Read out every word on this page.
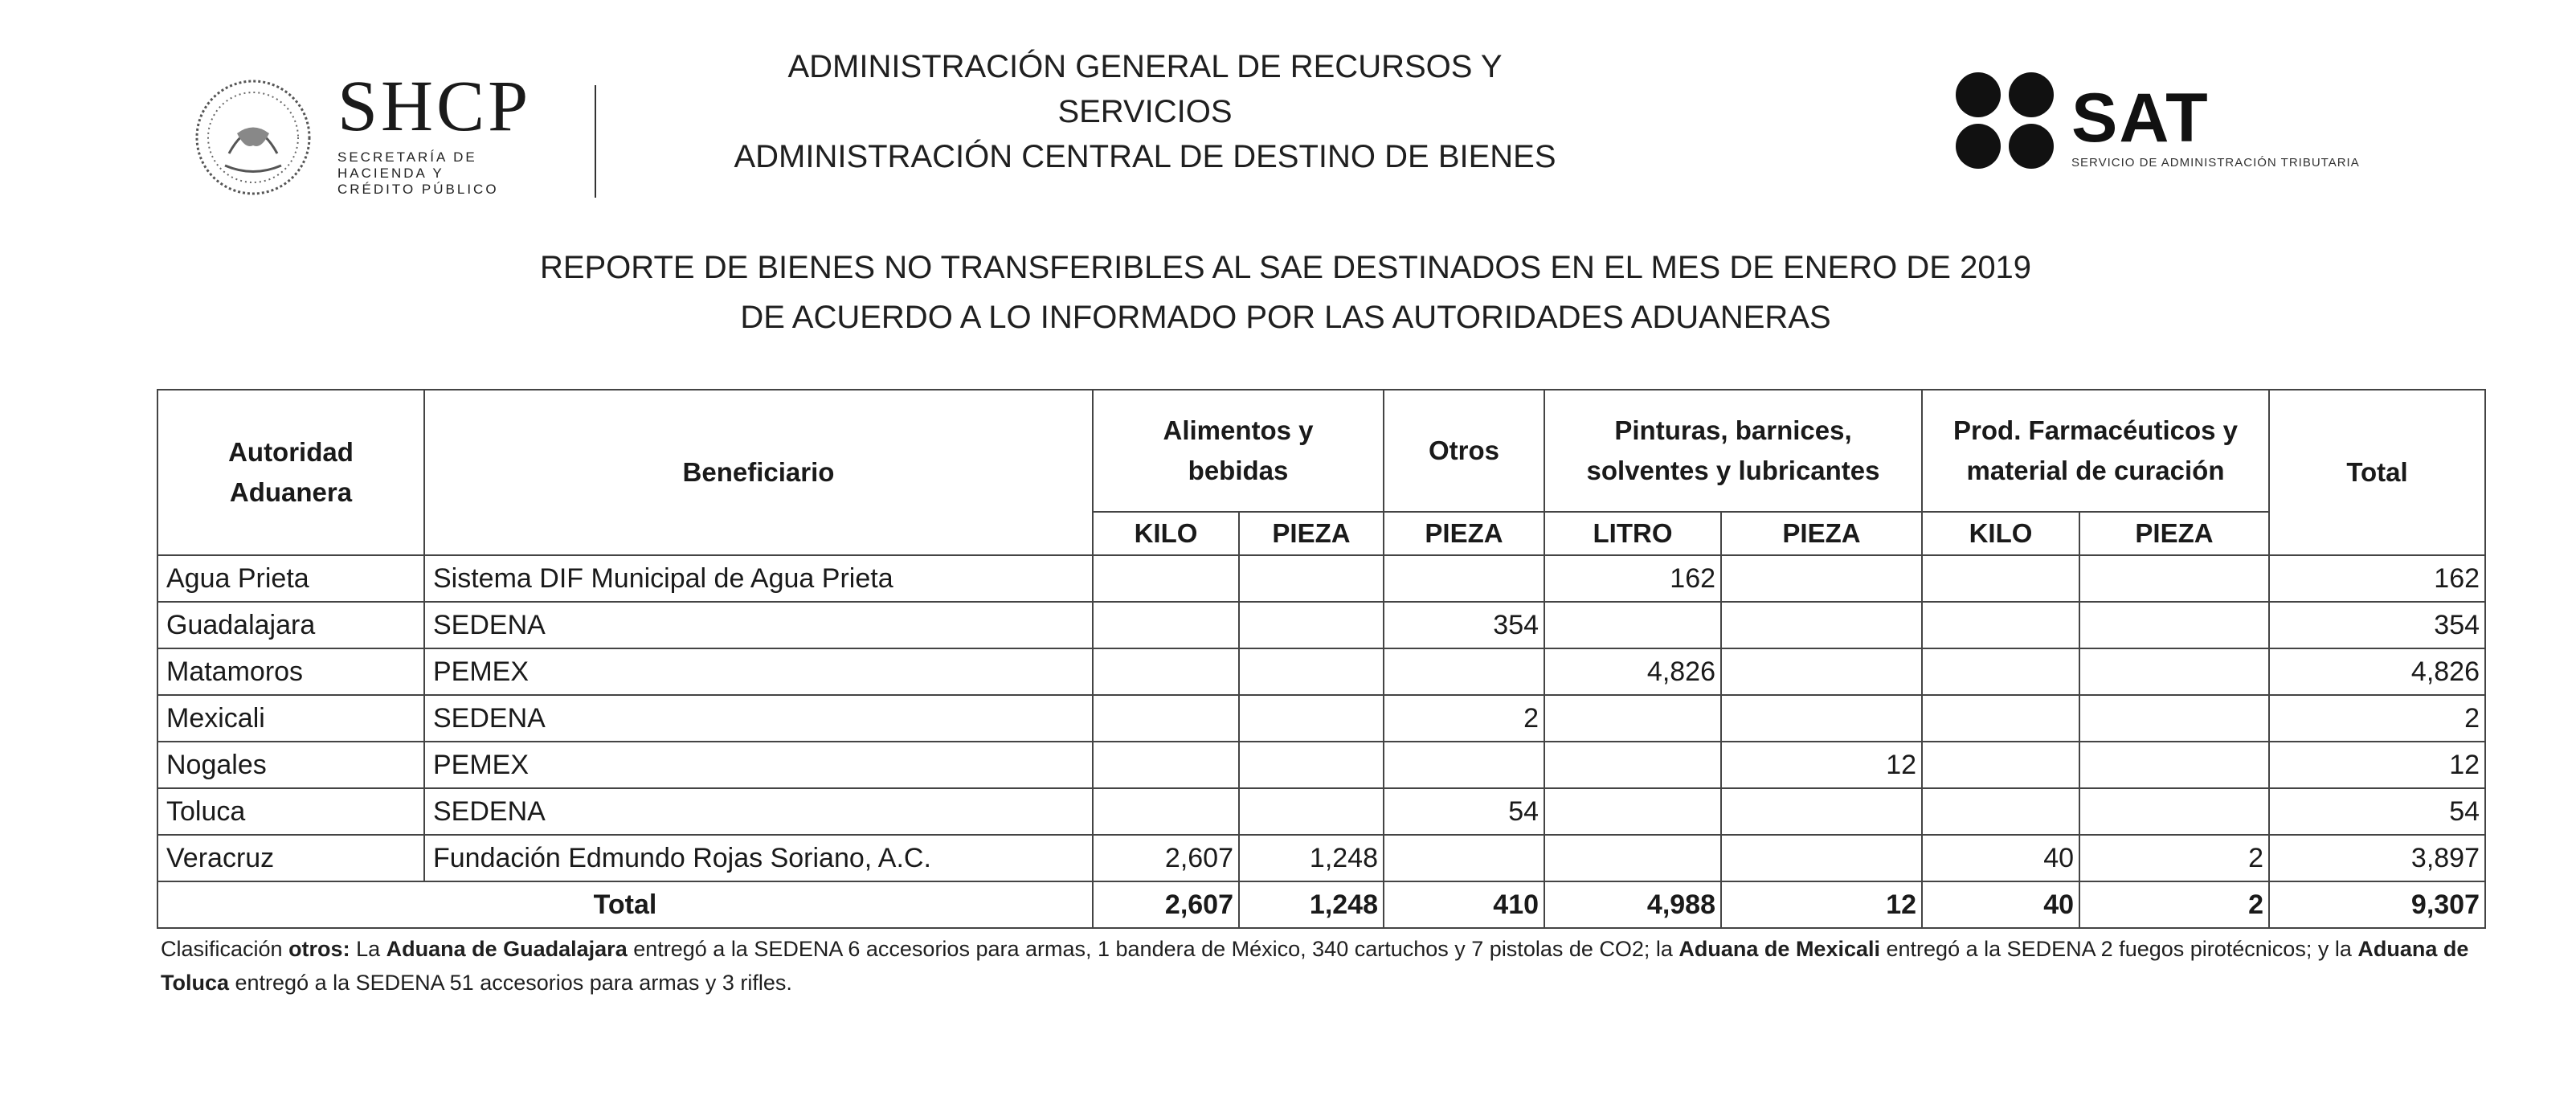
SHCP
SECRETARÍA DE
HACIENDA Y
CRÉDITO PÚBLICO
ADMINISTRACIÓN GENERAL DE RECURSOS Y SERVICIOS
ADMINISTRACIÓN CENTRAL DE DESTINO DE BIENES	SAT
SERVICIO DE ADMINISTRACIÓN TRIBUTARIA
REPORTE DE BIENES NO TRANSFERIBLES AL SAE DESTINADOS EN EL MES DE ENERO DE 2019
DE ACUERDO A LO INFORMADO POR LAS AUTORIDADES ADUANERAS
Autoridad Aduanera	Beneficiario	Alimentos y bebidas		Otros	Pinturas, barnices, solventes y lubricantes		Prod. Farmacéuticos y material de curación		Total
		KILO	PIEZA	PIEZA	LITRO	PIEZA	KILO	PIEZA	
Agua Prieta	Sistema DIF Municipal de Agua Prieta				162				162
Guadalajara	SEDENA			354					354
Matamoros	PEMEX				4,826				4,826
Mexicali	SEDENA			2					2
Nogales	PEMEX					12			12
Toluca	SEDENA			54					54
Veracruz	Fundación Edmundo Rojas Soriano, A.C.	2,607	1,248				40	2	3,897
Total		2,607	1,248	410	4,988	12	40	2	9,307
Clasificación otros: La Aduana de Guadalajara entregó a la SEDENA 6 accesorios para armas, 1 bandera de México, 340 cartuchos y 7 pistolas de CO2; la Aduana de Mexicali entregó a la SEDENA 2 fuegos pirotécnicos; y la Aduana de Toluca entregó a la SEDENA 51 accesorios para armas y 3 rifles.
